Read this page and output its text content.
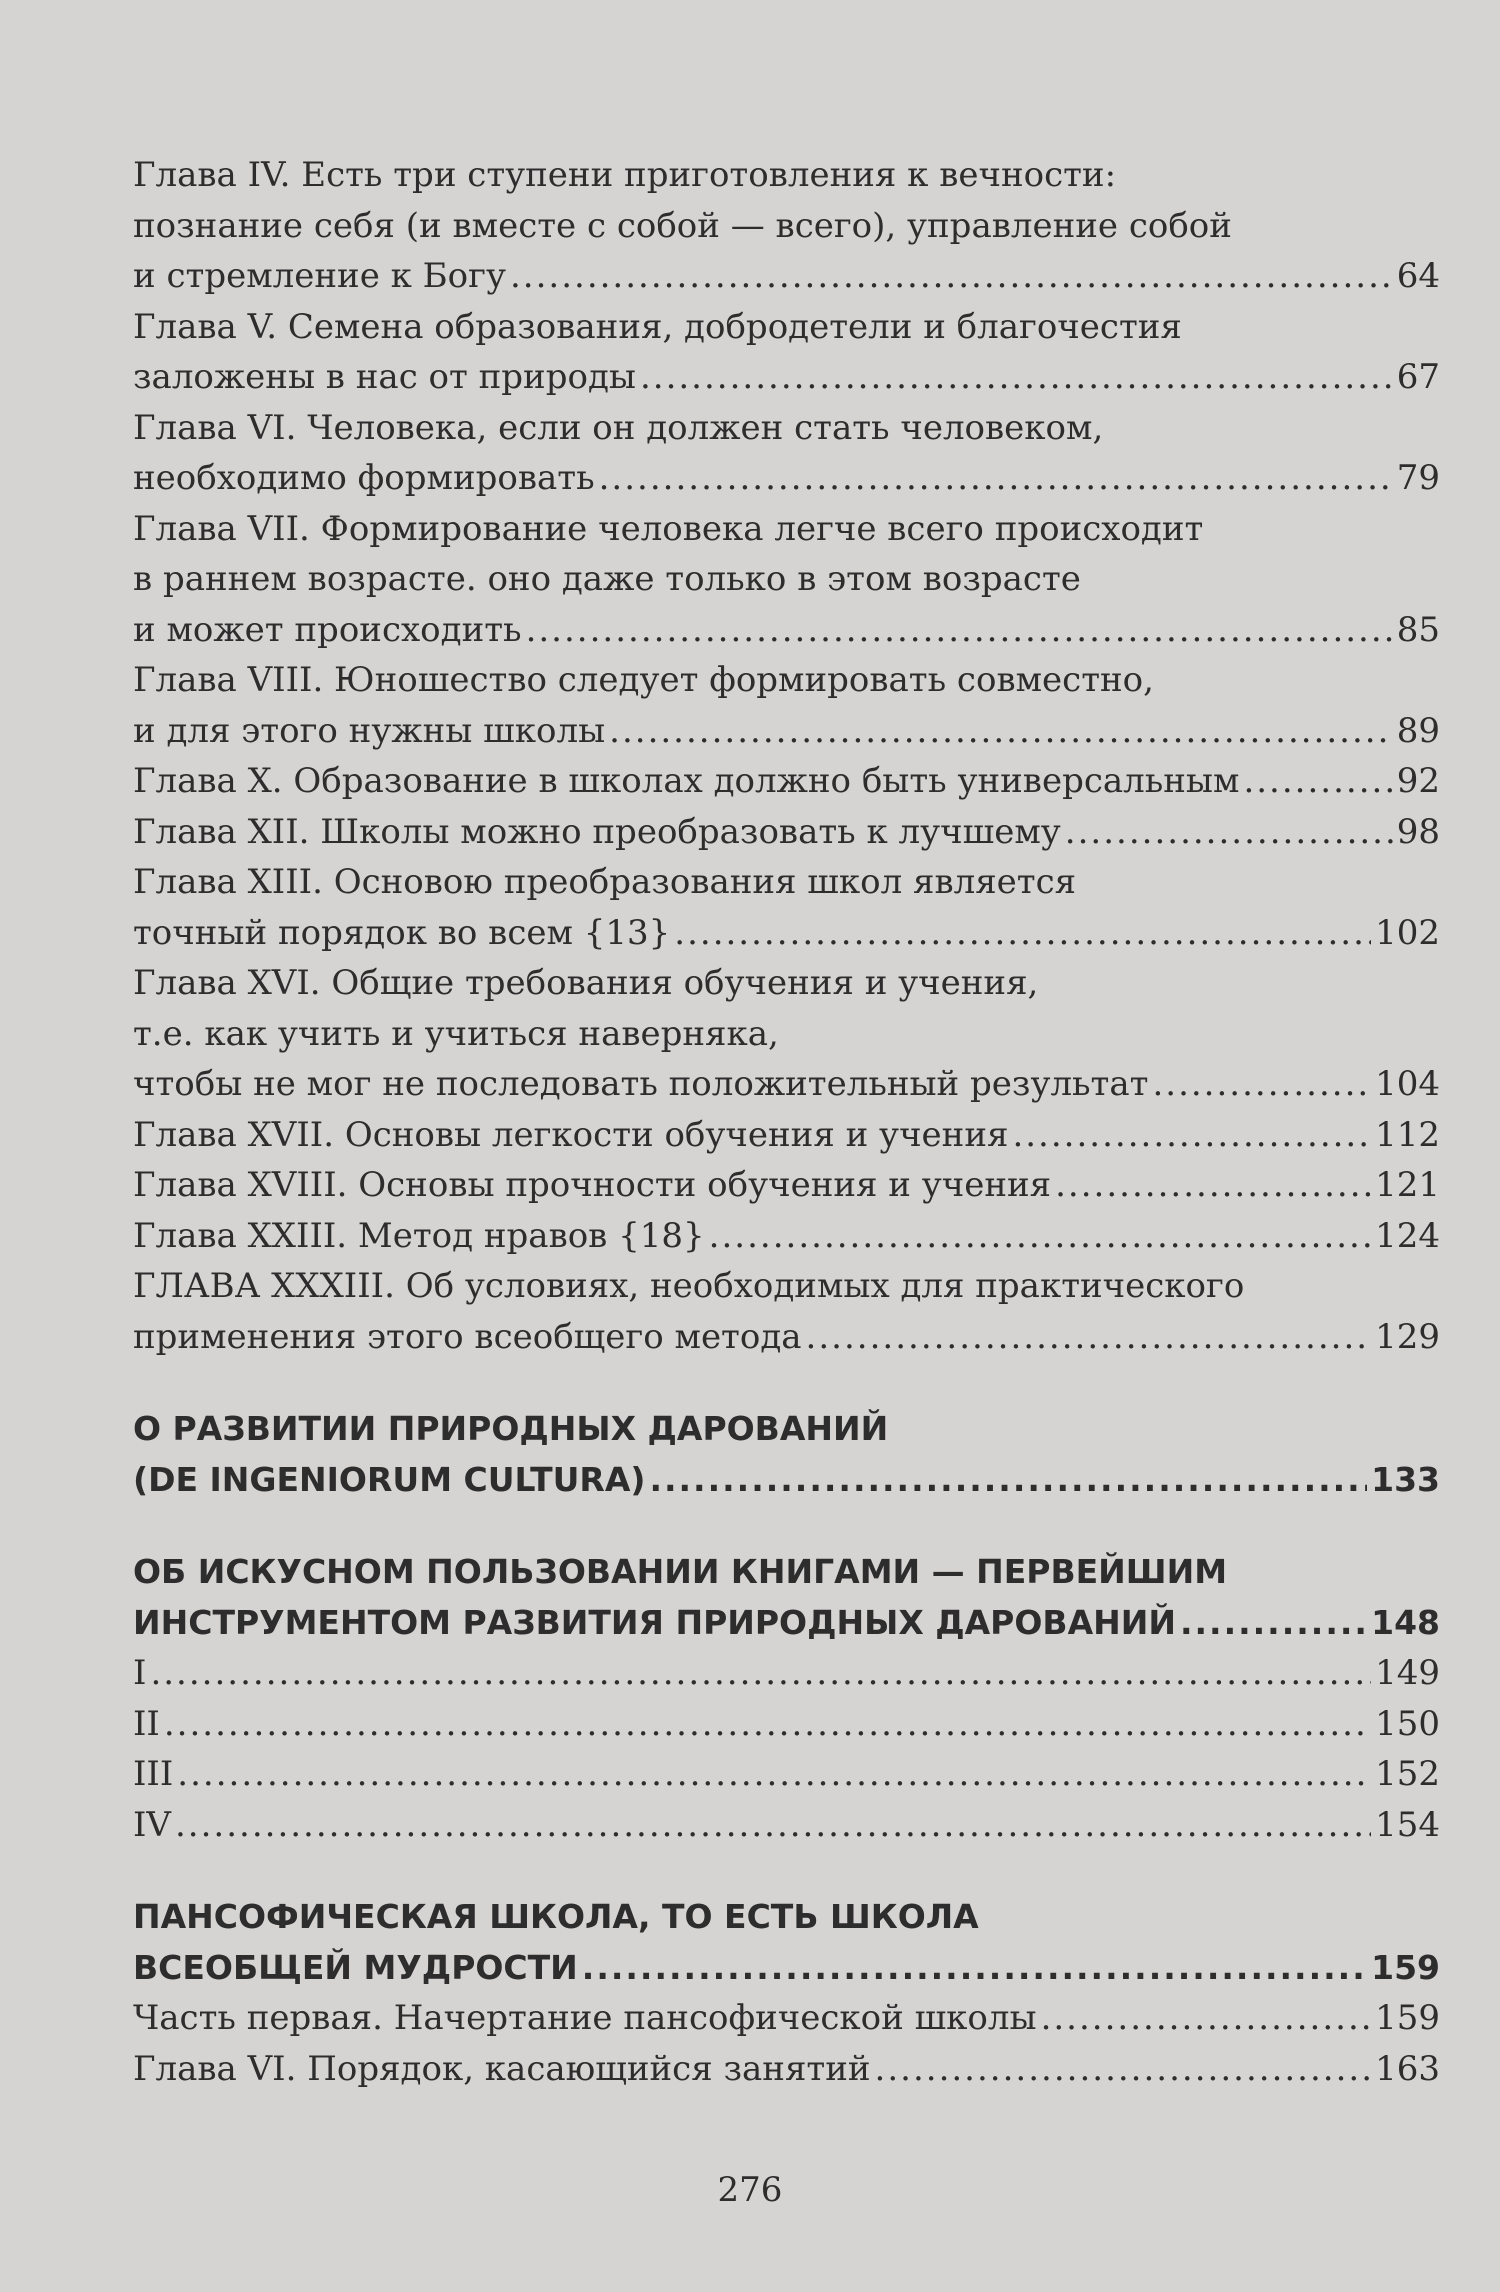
Глава IV. Есть три ступени приготовления к вечности:
познание себя (и вместе с собой — всего), управление собой
и стремление к Богу .....	64
Глава V. Семена образования, добродетели и благочестия
заложены в нас от природы .....	67
Глава VI. Человека, если он должен стать человеком,
необходимо формировать .....	79
Глава VII. Формирование человека легче всего происходит
в раннем возрасте. оно даже только в этом возрасте
и может происходить .....	85
Глава VIII. Юношество следует формировать совместно,
и для этого нужны школы .....	89
Глава X. Образование в школах должно быть универсальным .....	92
Глава XII. Школы можно преобразовать к лучшему .....	98
Глава XIII. Основою преобразования школ является
точный порядок во всем {13} .....	102
Глава XVI. Общие требования обучения и учения,
т.е. как учить и учиться наверняка,
чтобы не мог не последовать положительный результат .....	104
Глава XVII. Основы легкости обучения и учения .....	112
Глава XVIII. Основы прочности обучения и учения .....	121
Глава XXIII. Метод нравов {18} .....	124
ГЛАВА XXXIII. Об условиях, необходимых для практического
применения этого всеобщего метода .....	129
О РАЗВИТИИ ПРИРОДНЫХ ДАРОВАНИЙ
(DE INGENIORUM CULTURA) .....	133
ОБ ИСКУСНОМ ПОЛЬЗОВАНИИ КНИГАМИ — ПЕРВЕЙШИМ
ИНСТРУМЕНТОМ РАЗВИТИЯ ПРИРОДНЫХ ДАРОВАНИЙ .....	148
I .....	149
II .....	150
III .....	152
IV .....	154
ПАНСОФИЧЕСКАЯ ШКОЛА, ТО ЕСТЬ ШКОЛА
ВСЕОБЩЕЙ МУДРОСТИ .....	159
Часть первая. Начертание пансофической школы .....	159
Глава VI. Порядок, касающийся занятий .....	163
276
